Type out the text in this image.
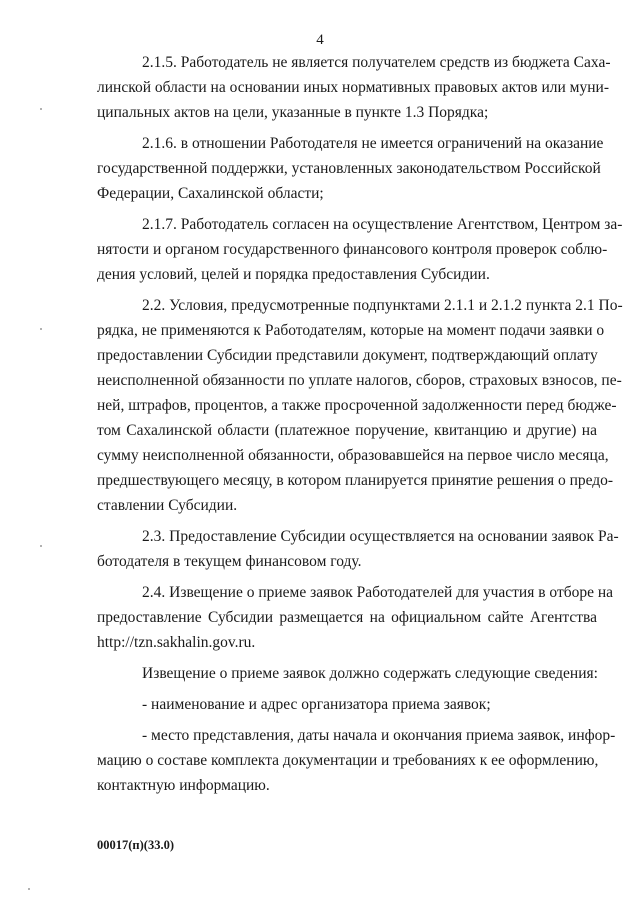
4
2.1.5. Работодатель не является получателем средств из бюджета Саха-
линской области на основании иных нормативных правовых актов или муни-
ципальных актов на цели, указанные в пункте 1.3 Порядка;
2.1.6. в отношении Работодателя не имеется ограничений на оказание
государственной поддержки, установленных законодательством Российской
Федерации, Сахалинской области;
2.1.7. Работодатель согласен на осуществление Агентством, Центром за-
нятости и органом государственного финансового контроля проверок соблю-
дения условий, целей и порядка предоставления Субсидии.
2.2. Условия, предусмотренные подпунктами 2.1.1 и 2.1.2 пункта 2.1 По-
рядка, не применяются к Работодателям, которые на момент подачи заявки о
предоставлении Субсидии представили документ, подтверждающий оплату
неисполненной обязанности по уплате налогов, сборов, страховых взносов, пе-
ней, штрафов, процентов, а также просроченной задолженности перед бюдже-
том Сахалинской области (платежное поручение, квитанцию и другие) на
сумму неисполненной обязанности, образовавшейся на первое число месяца,
предшествующего месяцу, в котором планируется принятие решения о предо-
ставлении Субсидии.
2.3. Предоставление Субсидии осуществляется на основании заявок Ра-
ботодателя в текущем финансовом году.
2.4. Извещение о приеме заявок Работодателей для участия в отборе на
предоставление Субсидии размещается на официальном сайте Агентства
http://tzn.sakhalin.gov.ru.
Извещение о приеме заявок должно содержать следующие сведения:
- наименование и адрес организатора приема заявок;
- место представления, даты начала и окончания приема заявок, инфор-
мацию о составе комплекта документации и требованиях к ее оформлению,
контактную информацию.
00017(п)(33.0)
